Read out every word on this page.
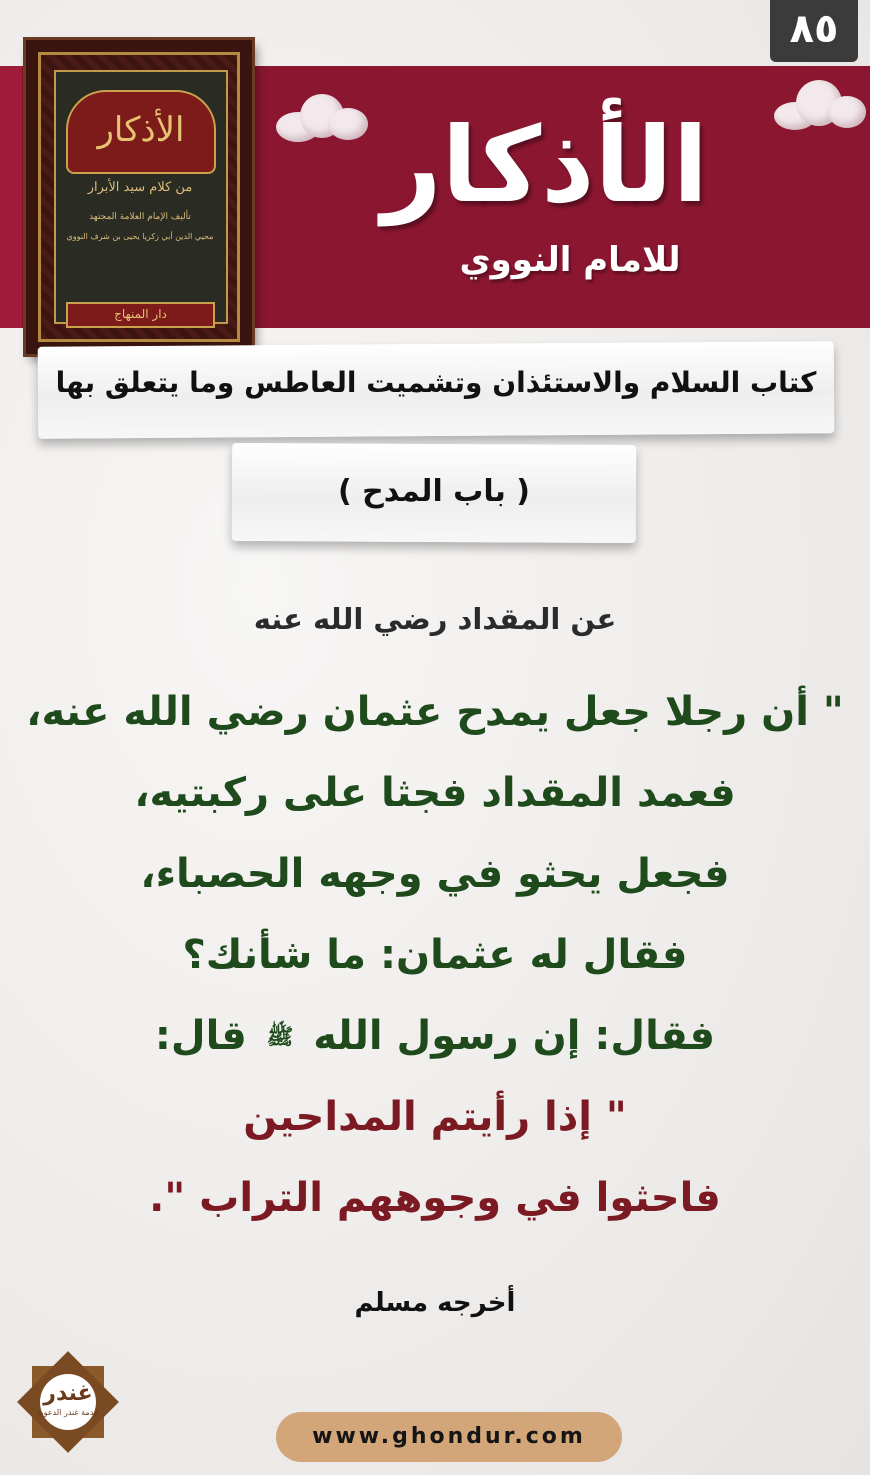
٨٥
الأذكار
من كلام سيد الأبرار
تأليف الإمام العلامة المجتهد
محيي الدين أبي زكريا يحيى بن شرف النووي
دار المنهاج
الأذكار
للامام النووي
كتاب السلام والاستئذان وتشميت العاطس وما يتعلق بها
( باب المدح )
عن المقداد رضي الله عنه
" أن رجلا جعل يمدح عثمان رضي الله عنه،
فعمد المقداد فجثا على ركبتيه،
فجعل يحثو في وجهه الحصباء،
فقال له عثمان: ما شأنك؟
فقال: إن رسول الله ﷺ قال:
" إذا رأيتم المداحين
فاحثوا في وجوههم التراب ".
أخرجه مسلم
غندر
خدمة غندر الدعوية
www.ghondur.com
